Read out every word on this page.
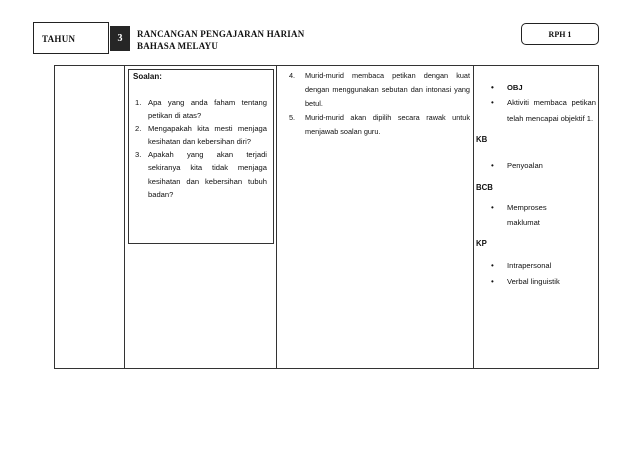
TAHUN	3	RANCANGAN PENGAJARAN HARIAN
BAHASA MELAYU
RPH 1
Soalan:
1. Apa yang anda faham tentang petikan di atas?
2. Mengapakah kita mesti menjaga kesihatan dan kebersihan diri?
3. Apakah yang akan terjadi sekiranya kita tidak menjaga kesihatan dan kebersihan tubuh badan?
4. Murid-murid membaca petikan dengan kuat dengan menggunakan sebutan dan intonasi yang betul.
5. Murid-murid akan dipilih secara rawak untuk menjawab soalan guru.
• OBJ
• Aktiviti membaca petikan telah mencapai objektif 1.
KB
• Penyoalan
BCB
• Memproses maklumat
KP
• Intrapersonal
• Verbal linguistik
